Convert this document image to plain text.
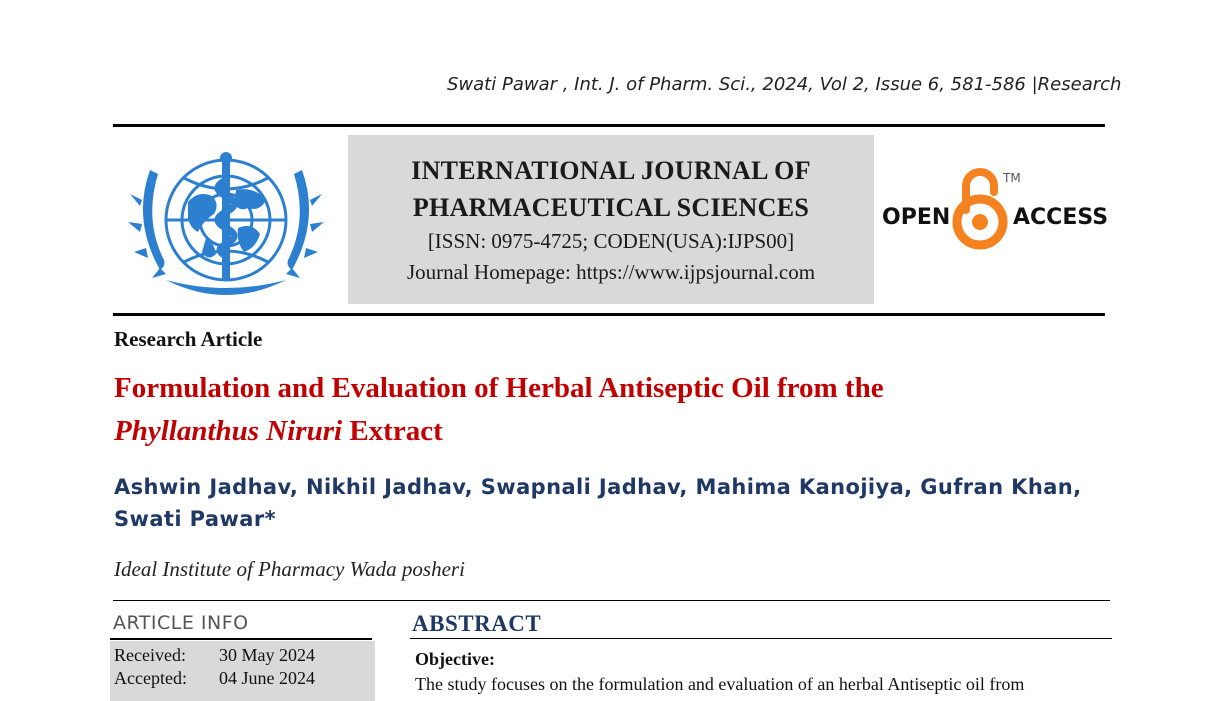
Swati Pawar , Int. J. of Pharm. Sci., 2024, Vol 2, Issue 6, 581-586 |Research
INTERNATIONAL JOURNAL OF
PHARMACEUTICAL SCIENCES
[ISSN: 0975-4725; CODEN(USA):IJPS00]
Journal Homepage: https://www.ijpsjournal.com
OPEN
TM
ACCESS
Research Article
Formulation and Evaluation of Herbal Antiseptic Oil from the
Phyllanthus Niruri Extract
Ashwin Jadhav, Nikhil Jadhav, Swapnali Jadhav, Mahima Kanojiya, Gufran Khan,
Swati Pawar*
Ideal Institute of Pharmacy Wada posheri
ARTICLE INFO
Received: 30 May 2024
Accepted: 04 June 2024
ABSTRACT
Objective:
The study focuses on the formulation and evaluation of an herbal Antiseptic oil from
